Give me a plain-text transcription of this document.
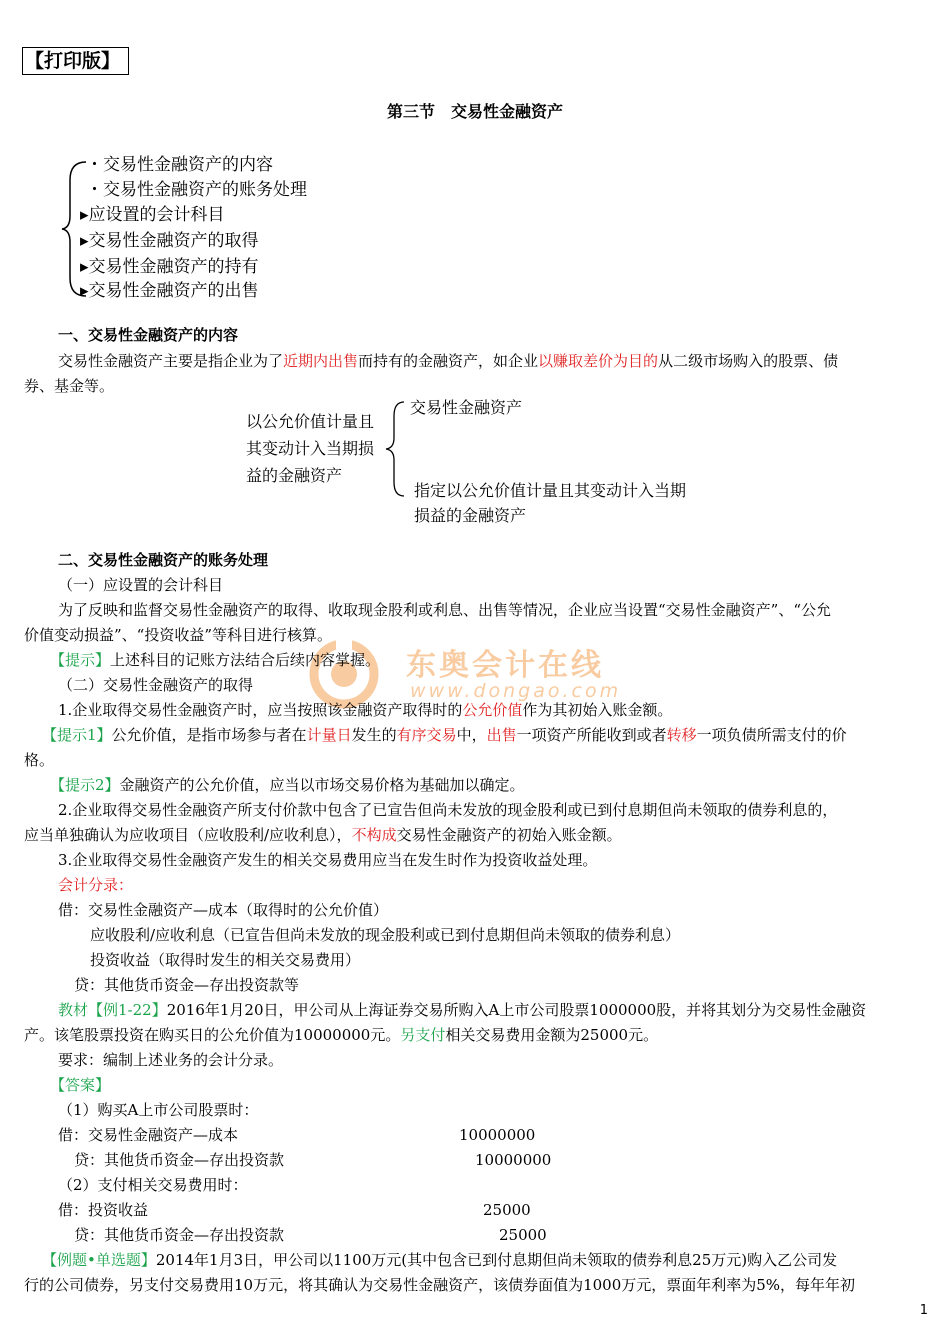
【打印版】
第三节　交易性金融资产
・交易性金融资产的内容
・交易性金融资产的账务处理
▸应设置的会计科目
▸交易性金融资产的取得
▸交易性金融资产的持有
▸交易性金融资产的出售
一、交易性金融资产的内容
交易性金融资产主要是指企业为了近期内出售而持有的金融资产，如企业以赚取差价为目的从二级市场购入的股票、债
券、基金等。
以公允价值计量且
其变动计入当期损
益的金融资产
交易性金融资产
指定以公允价值计量且其变动计入当期
损益的金融资产
东奥会计在线
www.dongao.com
二、交易性金融资产的账务处理
（一）应设置的会计科目
为了反映和监督交易性金融资产的取得、收取现金股利或利息、出售等情况，企业应当设置“交易性金融资产”、“公允
价值变动损益”、“投资收益”等科目进行核算。
【提示】上述科目的记账方法结合后续内容掌握。
（二）交易性金融资产的取得
1.企业取得交易性金融资产时，应当按照该金融资产取得时的公允价值作为其初始入账金额。
【提示1】公允价值，是指市场参与者在计量日发生的有序交易中，出售一项资产所能收到或者转移一项负债所需支付的价
格。
【提示2】金融资产的公允价值，应当以市场交易价格为基础加以确定。
2.企业取得交易性金融资产所支付价款中包含了已宣告但尚未发放的现金股利或已到付息期但尚未领取的债券利息的，
应当单独确认为应收项目（应收股利/应收利息），不构成交易性金融资产的初始入账金额。
3.企业取得交易性金融资产发生的相关交易费用应当在发生时作为投资收益处理。
会计分录：
借：交易性金融资产—成本（取得时的公允价值）
应收股利/应收利息（已宣告但尚未发放的现金股利或已到付息期但尚未领取的债券利息）
投资收益（取得时发生的相关交易费用）
贷：其他货币资金—存出投资款等
教材【例1-22】2016年1月20日，甲公司从上海证券交易所购入A上市公司股票1000000股，并将其划分为交易性金融资
产。该笔股票投资在购买日的公允价值为10000000元。另支付相关交易费用金额为25000元。
要求：编制上述业务的会计分录。
【答案】
（1）购买A上市公司股票时：
借：交易性金融资产—成本	10000000
贷：其他货币资金—存出投资款	10000000
（2）支付相关交易费用时：
借：投资收益	25000
贷：其他货币资金—存出投资款	25000
【例题•单选题】2014年1月3日，甲公司以1100万元(其中包含已到付息期但尚未领取的债券利息25万元)购入乙公司发
行的公司债券，另支付交易费用10万元，将其确认为交易性金融资产，该债券面值为1000万元，票面年利率为5%，每年年初
1
